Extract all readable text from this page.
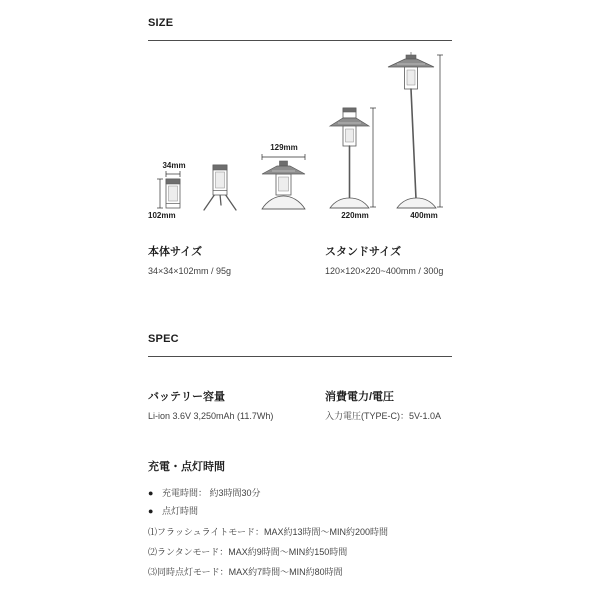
34mm
102mm
129mm
220mm	400mm
SIZE
本体サイズ
34×34×102mm / 95g
スタンドサイズ
120×120×220~400mm / 300g
SPEC
バッテリー容量
Li-ion 3.6V 3,250mAh (11.7Wh)
消費電力/電圧
入力電圧(TYPE-C)：5V-1.0A
充電・点灯時間
● 充電時間： 約3時間30分
● 点灯時間
⑴フラッシュライトモード：MAX約13時間～MIN約200時間
⑵ランタンモード：MAX約9時間～MIN約150時間
⑶同時点灯モード：MAX約7時間～MIN約80時間
